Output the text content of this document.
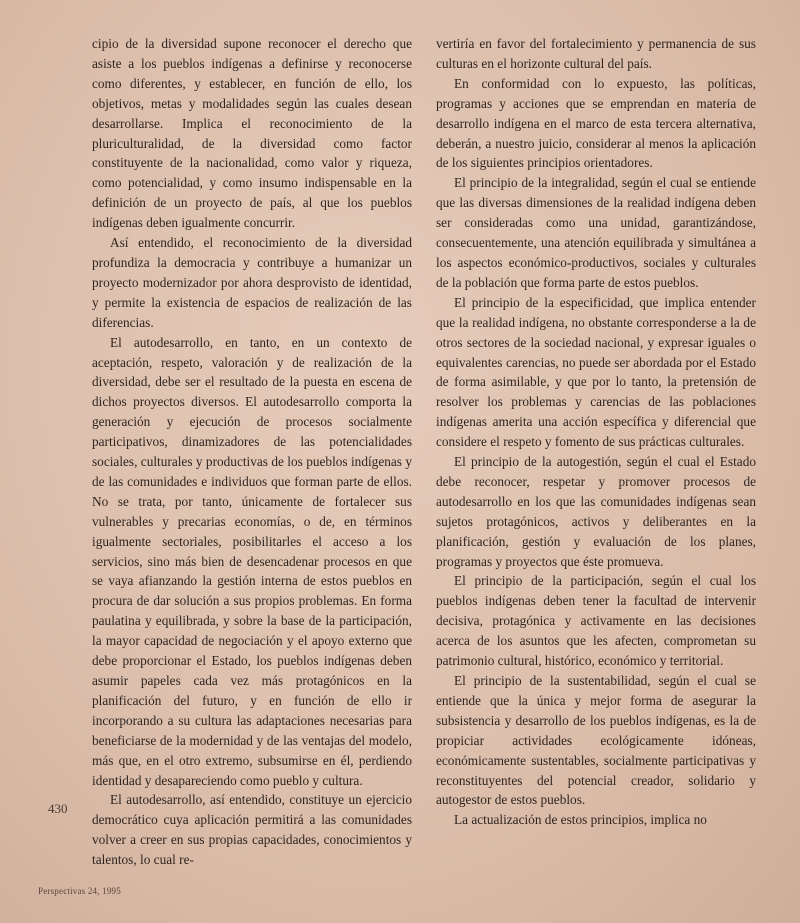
cipio de la diversidad supone reconocer el derecho que asiste a los pueblos indígenas a definirse y reconocerse como diferentes, y establecer, en función de ello, los objetivos, metas y modalidades según las cuales desean desarrollarse. Implica el reconocimiento de la pluriculturalidad, de la diversidad como factor constituyente de la nacionalidad, como valor y riqueza, como potencialidad, y como insumo indispensable en la definición de un proyecto de país, al que los pueblos indígenas deben igualmente concurrir.

Así entendido, el reconocimiento de la diversidad profundiza la democracia y contribuye a humanizar un proyecto modernizador por ahora desprovisto de identidad, y permite la existencia de espacios de realización de las diferencias.

El autodesarrollo, en tanto, en un contexto de aceptación, respeto, valoración y de realización de la diversidad, debe ser el resultado de la puesta en escena de dichos proyectos diversos. El autodesarrollo comporta la generación y ejecución de procesos socialmente participativos, dinamizadores de las potencialidades sociales, culturales y productivas de los pueblos indígenas y de las comunidades e individuos que forman parte de ellos. No se trata, por tanto, únicamente de fortalecer sus vulnerables y precarias economías, o de, en términos igualmente sectoriales, posibilitarles el acceso a los servicios, sino más bien de desencadenar procesos en que se vaya afianzando la gestión interna de estos pueblos en procura de dar solución a sus propios problemas. En forma paulatina y equilibrada, y sobre la base de la participación, la mayor capacidad de negociación y el apoyo externo que debe proporcionar el Estado, los pueblos indígenas deben asumir papeles cada vez más protagónicos en la planificación del futuro, y en función de ello ir incorporando a su cultura las adaptaciones necesarias para beneficiarse de la modernidad y de las ventajas del modelo, más que, en el otro extremo, subsumirse en él, perdiendo identidad y desapareciendo como pueblo y cultura.

El autodesarrollo, así entendido, constituye un ejercicio democrático cuya aplicación permitirá a las comunidades volver a creer en sus propias capacidades, conocimientos y talentos, lo cual re-

vertiría en favor del fortalecimiento y permanencia de sus culturas en el horizonte cultural del país.

En conformidad con lo expuesto, las políticas, programas y acciones que se emprendan en materia de desarrollo indígena en el marco de esta tercera alternativa, deberán, a nuestro juicio, considerar al menos la aplicación de los siguientes principios orientadores.

El principio de la integralidad, según el cual se entiende que las diversas dimensiones de la realidad indígena deben ser consideradas como una unidad, garantizándose, consecuentemente, una atención equilibrada y simultánea a los aspectos económico-productivos, sociales y culturales de la población que forma parte de estos pueblos.

El principio de la especificidad, que implica entender que la realidad indígena, no obstante corresponderse a la de otros sectores de la sociedad nacional, y expresar iguales o equivalentes carencias, no puede ser abordada por el Estado de forma asimilable, y que por lo tanto, la pretensión de resolver los problemas y carencias de las poblaciones indígenas amerita una acción específica y diferencial que considere el respeto y fomento de sus prácticas culturales.

El principio de la autogestión, según el cual el Estado debe reconocer, respetar y promover procesos de autodesarrollo en los que las comunidades indígenas sean sujetos protagónicos, activos y deliberantes en la planificación, gestión y evaluación de los planes, programas y proyectos que éste promueva.

El principio de la participación, según el cual los pueblos indígenas deben tener la facultad de intervenir decisiva, protagónica y activamente en las decisiones acerca de los asuntos que les afecten, comprometan su patrimonio cultural, histórico, económico y territorial.

El principio de la sustentabilidad, según el cual se entiende que la única y mejor forma de asegurar la subsistencia y desarrollo de los pueblos indígenas, es la de propiciar actividades ecológicamente idóneas, económicamente sustentables, socialmente participativas y reconstituyentes del potencial creador, solidario y autogestor de estos pueblos.

La actualización de estos principios, implica no

430
Perspectivas 24, 1995
